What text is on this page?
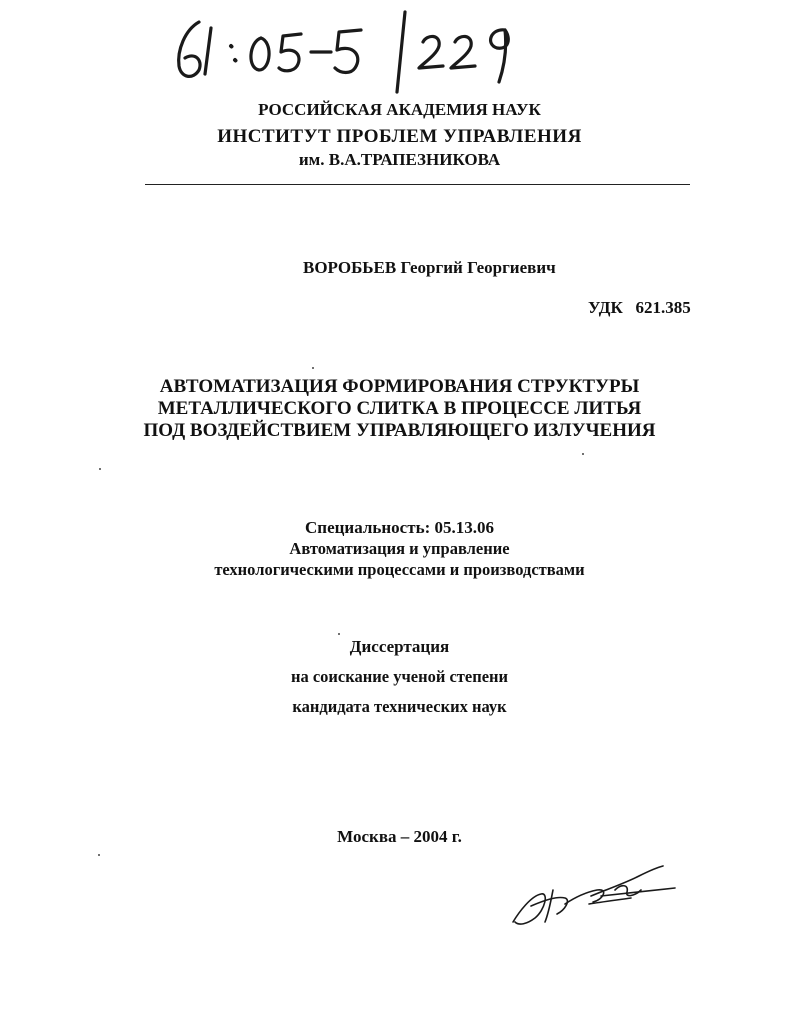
РОССИЙСКАЯ АКАДЕМИЯ НАУК
ИНСТИТУТ ПРОБЛЕМ УПРАВЛЕНИЯ
им. В.А.ТРАПЕЗНИКОВА
ВОРОБЬЕВ Георгий Георгиевич
УДК 621.385
АВТОМАТИЗАЦИЯ ФОРМИРОВАНИЯ СТРУКТУРЫ
МЕТАЛЛИЧЕСКОГО СЛИТКА В ПРОЦЕССЕ ЛИТЬЯ
ПОД ВОЗДЕЙСТВИЕМ УПРАВЛЯЮЩЕГО ИЗЛУЧЕНИЯ
Специальность: 05.13.06
Автоматизация и управление
технологическими процессами и производствами
Диссертация
на соискание ученой степени
кандидата технических наук
Москва – 2004 г.
